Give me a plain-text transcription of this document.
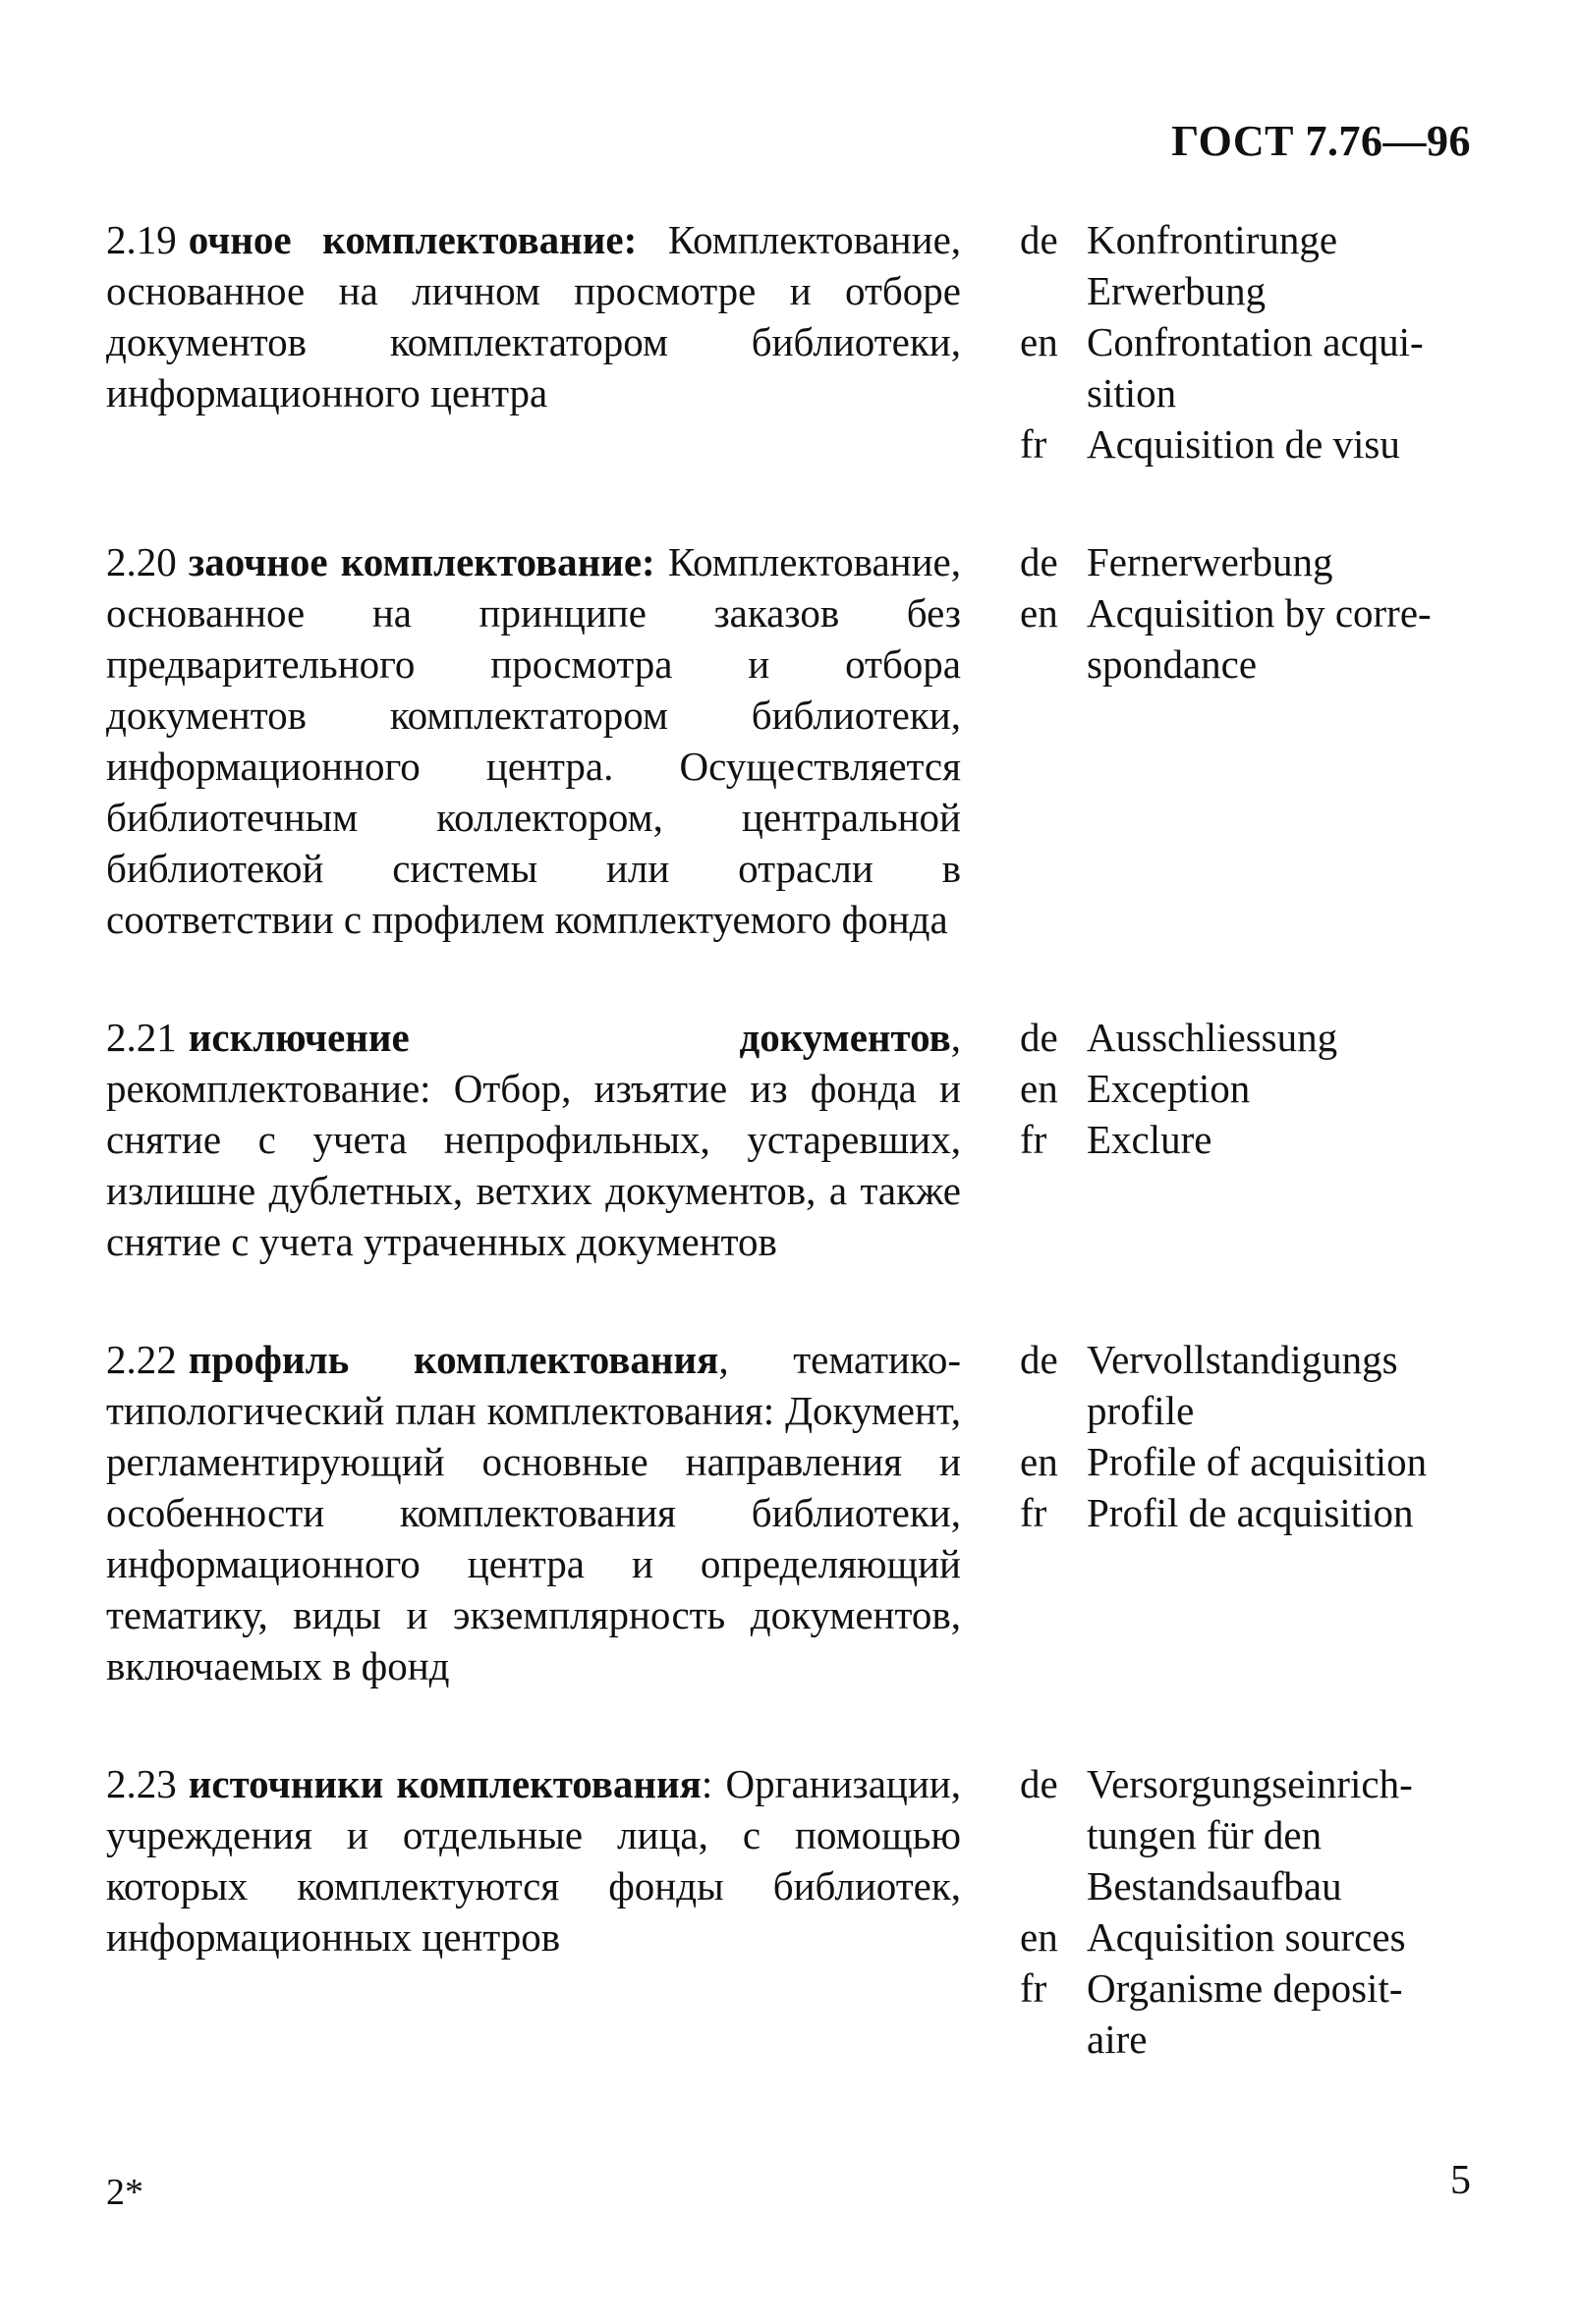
ГОСТ 7.76—96
2.19 очное комплектование: Комплектование, основанное на личном просмотре и отборе документов комплектатором библиотеки, информационного центра
de Konfrontirunge
Erwerbung
en Confrontation acqui-
sition
fr Acquisition de visu
2.20 заочное комплектование: Комплектование, основанное на принципе заказов без предварительного просмотра и отбора документов комплектатором библиотеки, информационного центра. Осуществляется библиотечным коллектором, центральной библиотекой системы или отрасли в соответствии с профилем комплектуемого фонда
de Fernerwerbung
en Acquisition by corre-
spondance
2.21 исключение документов, рекомплектование: Отбор, изъятие из фонда и снятие с учета непрофильных, устаревших, излишне дублетных, ветхих документов, а также снятие с учета утраченных документов
de Ausschliessung
en Exception
fr Exclure
2.22 профиль комплектования, тематико-типологический план комплектования: Документ, регламентирующий основные направления и особенности комплектования библиотеки, информационного центра и определяющий тематику, виды и экземплярность документов, включаемых в фонд
de Vervollstandigungs
profile
en Profile of acquisition
fr Profil de acquisition
2.23 источники комплектования: Организации, учреждения и отдельные лица, с помощью которых комплектуются фонды библиотек, информационных центров
de Versorgungseinrich-
tungen für den
Bestandsaufbau
en Acquisition sources
fr Organisme deposit-
aire
2*	5
